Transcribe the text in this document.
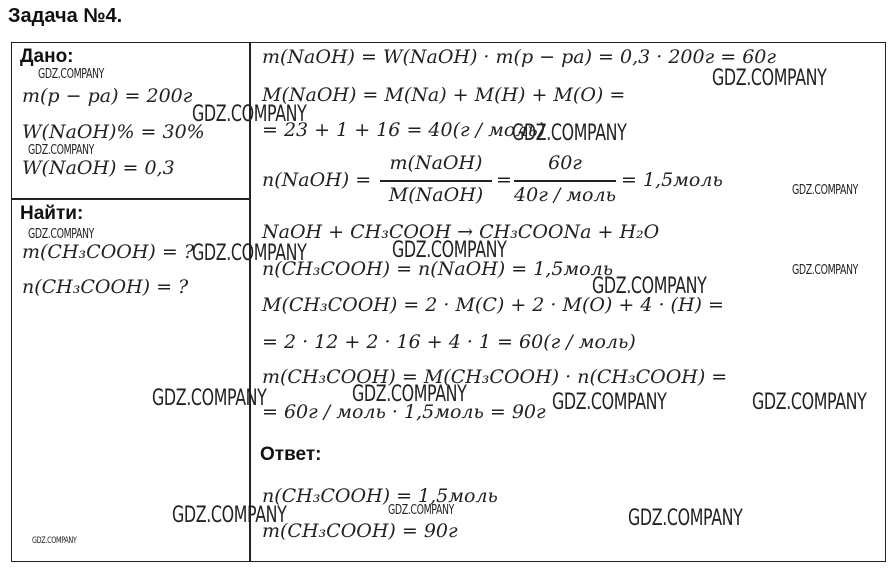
Задача №4.
Дано:
m(p − pa) = 200г
W(NaOH)% = 30%
W(NaOH) = 0,3
Найти:
m(CH₃COOH) = ?
n(CH₃COOH) = ?
m(NaOH) = W(NaOH) · m(p − pa) = 0,3 · 200г = 60г
M(NaOH) = M(Na) + M(H) + M(O) =
= 23 + 1 + 16 = 40(г / моль)
n(NaOH) =
m(NaOH)
M(NaOH)
=
60г
40г / моль
= 1,5моль
NaOH + CH₃COOH → CH₃COONa + H₂O
n(CH₃COOH) = n(NaOH) = 1,5моль
M(CH₃COOH) = 2 · M(C) + 2 · M(O) + 4 · (H) =
= 2 · 12 + 2 · 16 + 4 · 1 = 60(г / моль)
m(CH₃COOH) = M(CH₃COOH) · n(CH₃COOH) =
= 60г / моль · 1,5моль = 90г
Ответ:
n(CH₃COOH) = 1,5моль
m(CH₃COOH) = 90г
GDZ.COMPANY
GDZ.COMPANY
GDZ.COMPANY
GDZ.COMPANY
GDZ.COMPANY
GDZ.COMPANY
GDZ.COMPANY
GDZ.COMPANY
GDZ.COMPANY
GDZ.COMPANY
GDZ.COMPANY
GDZ.COMPANY
GDZ.COMPANY
GDZ.COMPANY
GDZ.COMPANY	GDZ.COMPANY	GDZ.COMPANY
GDZ.COMPANY	GDZ.COMPANY
